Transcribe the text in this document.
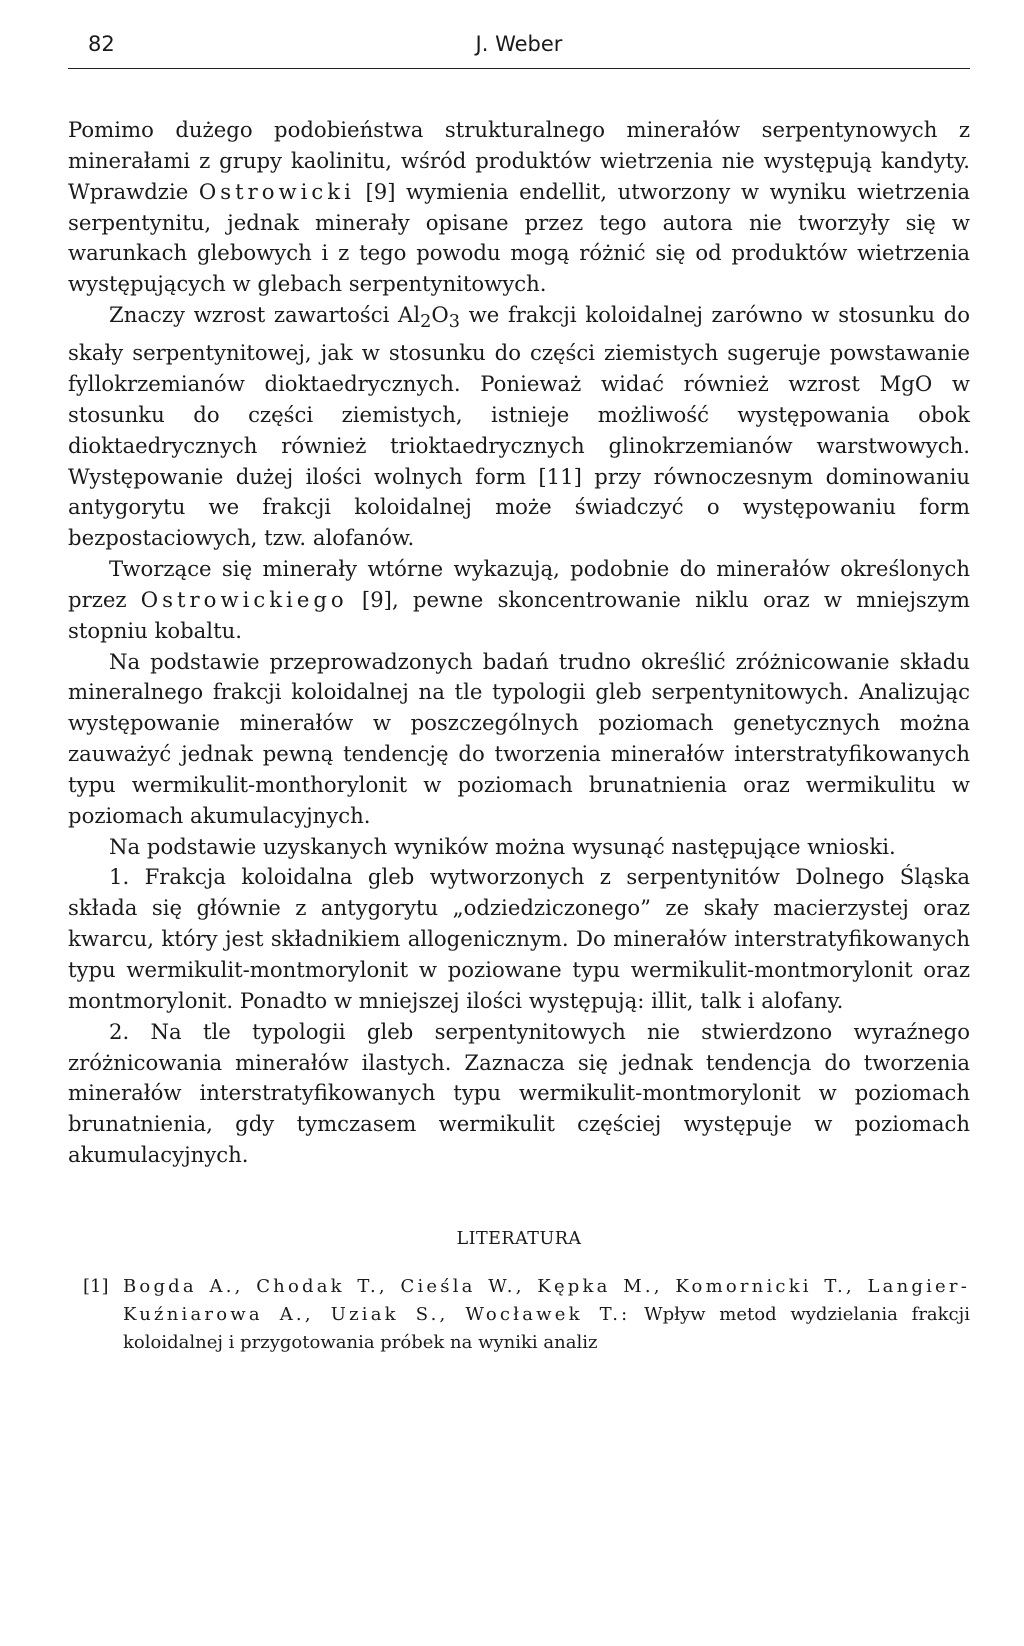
82	J. Weber

Pomimo dużego podobieństwa strukturalnego minerałów serpentynowych z minerałami z grupy kaolinitu, wśród produktów wietrzenia nie występują kandyty. Wprawdzie Ostrowicki [9] wymienia endellit, utworzony w wyniku wietrzenia serpentynitu, jednak minerały opisane przez tego autora nie tworzyły się w warunkach glebowych i z tego powodu mogą różnić się od produktów wietrzenia występujących w glebach serpentynitowych.

Znaczy wzrost zawartości $Al_2O_3$ we frakcji koloidalnej zarówno w stosunku do skały serpentynitowej, jak w stosunku do części ziemistych sugeruje powstawanie fyllokrzemianów dioktaedrycznych. Ponieważ widać również wzrost MgO w stosunku do części ziemistych, istnieje możliwość występowania obok dioktaedrycznych również trioktaedrycznych glinokrzemianów warstwowych. Występowanie dużej ilości wolnych form [11] przy równoczesnym dominowaniu antygorytu we frakcji koloidalnej może świadczyć o występowaniu form bezpostaciowych, tzw. alofanów.

Tworzące się minerały wtórne wykazują, podobnie do minerałów określonych przez Ostrowickiego [9], pewne skoncentrowanie niklu oraz w mniejszym stopniu kobaltu.

Na podstawie przeprowadzonych badań trudno określić zróżnicowanie składu mineralnego frakcji koloidalnej na tle typologii gleb serpentynitowych. Analizując występowanie minerałów w poszczególnych poziomach genetycznych można zauważyć jednak pewną tendencję do tworzenia minerałów interstratyfikowanych typu wermikulit-monthorylonit w poziomach brunatnienia oraz wermikulitu w poziomach akumulacyjnych.

Na podstawie uzyskanych wyników można wysunąć następujące wnioski.

1. Frakcja koloidalna gleb wytworzonych z serpentynitów Dolnego Śląska składa się głównie z antygorytu „odziedziczonego” ze skały macierzystej oraz kwarcu, który jest składnikiem allogenicznym. Do minerałów interstratyfikowanych typu wermikulit-montmorylonit w poziowane typu wermikulit-montmorylonit oraz montmorylonit. Ponadto w mniejszej ilości występują: illit, talk i alofany.

2. Na tle typologii gleb serpentynitowych nie stwierdzono wyraźnego zróżnicowania minerałów ilastych. Zaznacza się jednak tendencja do tworzenia minerałów interstratyfikowanych typu wermikulit-montmorylonit w poziomach brunatnienia, gdy tymczasem wermikulit częściej występuje w poziomach akumulacyjnych.

LITERATURA
[1] Bogda A., Chodak T., Cieśla W., Kępka M., Komornicki T., Langier-Kuźniarowa A., Uziak S., Wocławek T.: Wpływ metod wydzielania frakcji koloidalnej i przygotowania próbek na wyniki analiz
